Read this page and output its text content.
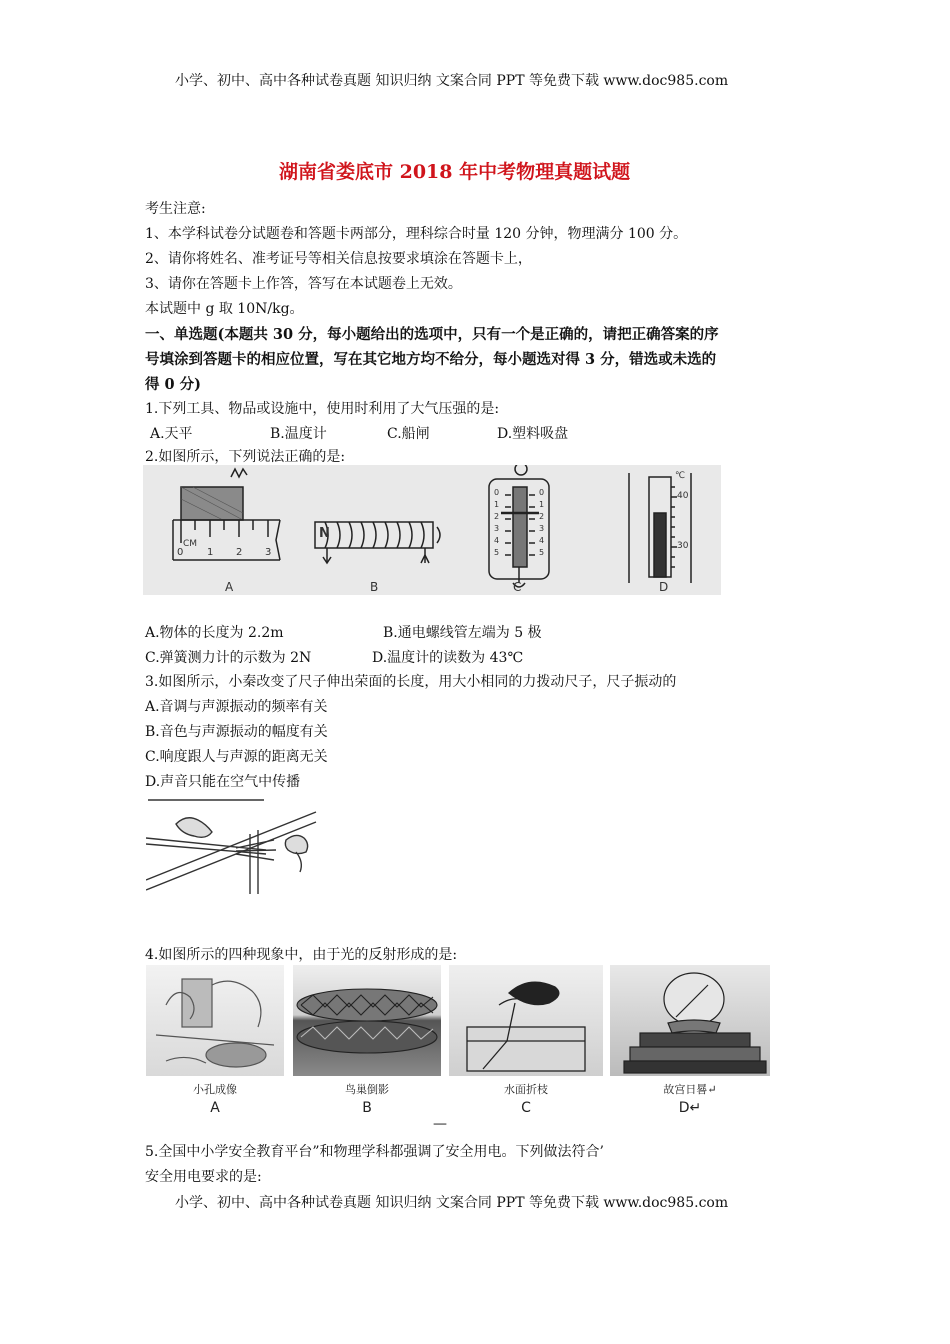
小学、初中、高中各种试卷真题 知识归纳 文案合同 PPT 等免费下载 www.doc985.com
湖南省娄底市 2018 年中考物理真题试题
考生注意:
1、本学科试卷分试题卷和答题卡两部分，理科综合时量 120 分钟，物理满分 100 分。
2、请你将姓名、准考证号等相关信息按要求填涂在答题卡上，
3、请你在答题卡上作答，答写在本试题卷上无效。
本试题中 g 取 10N/kg。
一、单选题(本题共 30 分，每小题给出的选项中，只有一个是正确的，请把正确答案的序
号填涂到答题卡的相应位置，写在其它地方均不给分，每小题选对得 3 分，错选或未选的
得 0 分)
1.下列工具、物品或设施中，使用时利用了大气压强的是:
A.天平	B.温度计	C.船闸	D.塑料吸盘
2.如图所示，下列说法正确的是:
CM
0 1 2 3
N
0
1
2
3
4
5
0
1
2
3
4
5
40
30
℃
A	B	C	D
A.物体的长度为 2.2m	B.通电螺线管左端为 5 极
C.弹簧测力计的示数为 2N	D.温度计的读数为 43℃
3.如图所示，小秦改变了尺子伸出荣面的长度，用大小相同的力拨动尺子，尺子振动的
A.音调与声源振动的频率有关
B.音色与声源振动的幅度有关
C.响度跟人与声源的距离无关
D.声音只能在空气中传播
4.如图所示的四种现象中，由于光的反射形成的是:
小孔成像	鸟巢倒影	水面折枝	故宫日晷↵
A	B	C	D↵
—
5.全国中小学安全教育平台”和物理学科都强调了安全用电。下列做法符合’
安全用电要求的是:
小学、初中、高中各种试卷真题 知识归纳 文案合同 PPT 等免费下载 www.doc985.com
